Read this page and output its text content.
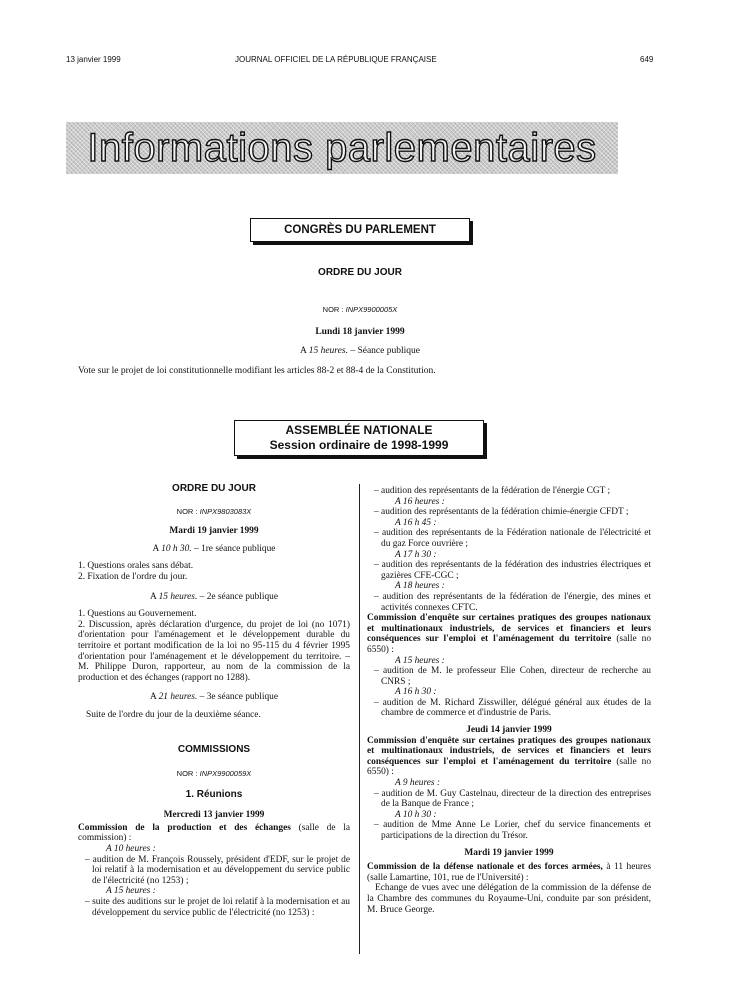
13 janvier 1999	JOURNAL OFFICIEL DE LA RÉPUBLIQUE FRANÇAISE	649
Informations parlementaires
CONGRÈS DU PARLEMENT
ORDRE DU JOUR
NOR : INPX9900005X
Lundi 18 janvier 1999
A 15 heures. – Séance publique
Vote sur le projet de loi constitutionnelle modifiant les articles 88-2 et 88-4 de la Constitution.
ASSEMBLÉE NATIONALE
Session ordinaire de 1998-1999
ORDRE DU JOUR
NOR : INPX9803083X
Mardi 19 janvier 1999
A 10 h 30. – 1re séance publique

1. Questions orales sans débat.

2. Fixation de l'ordre du jour.

A 15 heures. – 2e séance publique

1. Questions au Gouvernement.

2. Discussion, après déclaration d'urgence, du projet de loi (no 1071) d'orientation pour l'aménagement et le développement durable du territoire et portant modification de la loi no 95-115 du 4 février 1995 d'orientation pour l'aménagement et le développement du territoire. – M. Philippe Duron, rapporteur, au nom de la commission de la production et des échanges (rapport no 1288).

A 21 heures. – 3e séance publique

Suite de l'ordre du jour de la deuxième séance.

COMMISSIONS
NOR : INPX9900059X
1. Réunions
Mercredi 13 janvier 1999

Commission de la production et des échanges (salle de la commission) :

A 10 heures :

– audition de M. François Roussely, président d'EDF, sur le projet de loi relatif à la modernisation et au développement du service public de l'électricité (no 1253) ;

A 15 heures :

– suite des auditions sur le projet de loi relatif à la modernisation et au développement du service public de l'électricité (no 1253) :

– audition des représentants de la fédération de l'énergie CGT ;

A 16 heures :

– audition des représentants de la fédération chimie-énergie CFDT ;

A 16 h 45 :

– audition des représentants de la Fédération nationale de l'électricité et du gaz Force ouvrière ;

A 17 h 30 :

– audition des représentants de la fédération des industries électriques et gazières CFE-CGC ;

A 18 heures :

– audition des représentants de la fédération de l'énergie, des mines et activités connexes CFTC.

Commission d'enquête sur certaines pratiques des groupes nationaux et multinationaux industriels, de services et financiers et leurs conséquences sur l'emploi et l'aménagement du territoire (salle no 6550) :

A 15 heures :

– audition de M. le professeur Elie Cohen, directeur de recherche au CNRS ;

A 16 h 30 :

– audition de M. Richard Zisswiller, délégué général aux études de la chambre de commerce et d'industrie de Paris.

Jeudi 14 janvier 1999

Commission d'enquête sur certaines pratiques des groupes nationaux et multinationaux industriels, de services et financiers et leurs conséquences sur l'emploi et l'aménagement du territoire (salle no 6550) :

A 9 heures :

– audition de M. Guy Castelnau, directeur de la direction des entreprises de la Banque de France ;

A 10 h 30 :

– audition de Mme Anne Le Lorier, chef du service financements et participations de la direction du Trésor.

Mardi 19 janvier 1999

Commission de la défense nationale et des forces armées, à 11 heures (salle Lamartine, 101, rue de l'Université) :

Echange de vues avec une délégation de la commission de la défense de la Chambre des communes du Royaume-Uni, conduite par son président, M. Bruce George.
